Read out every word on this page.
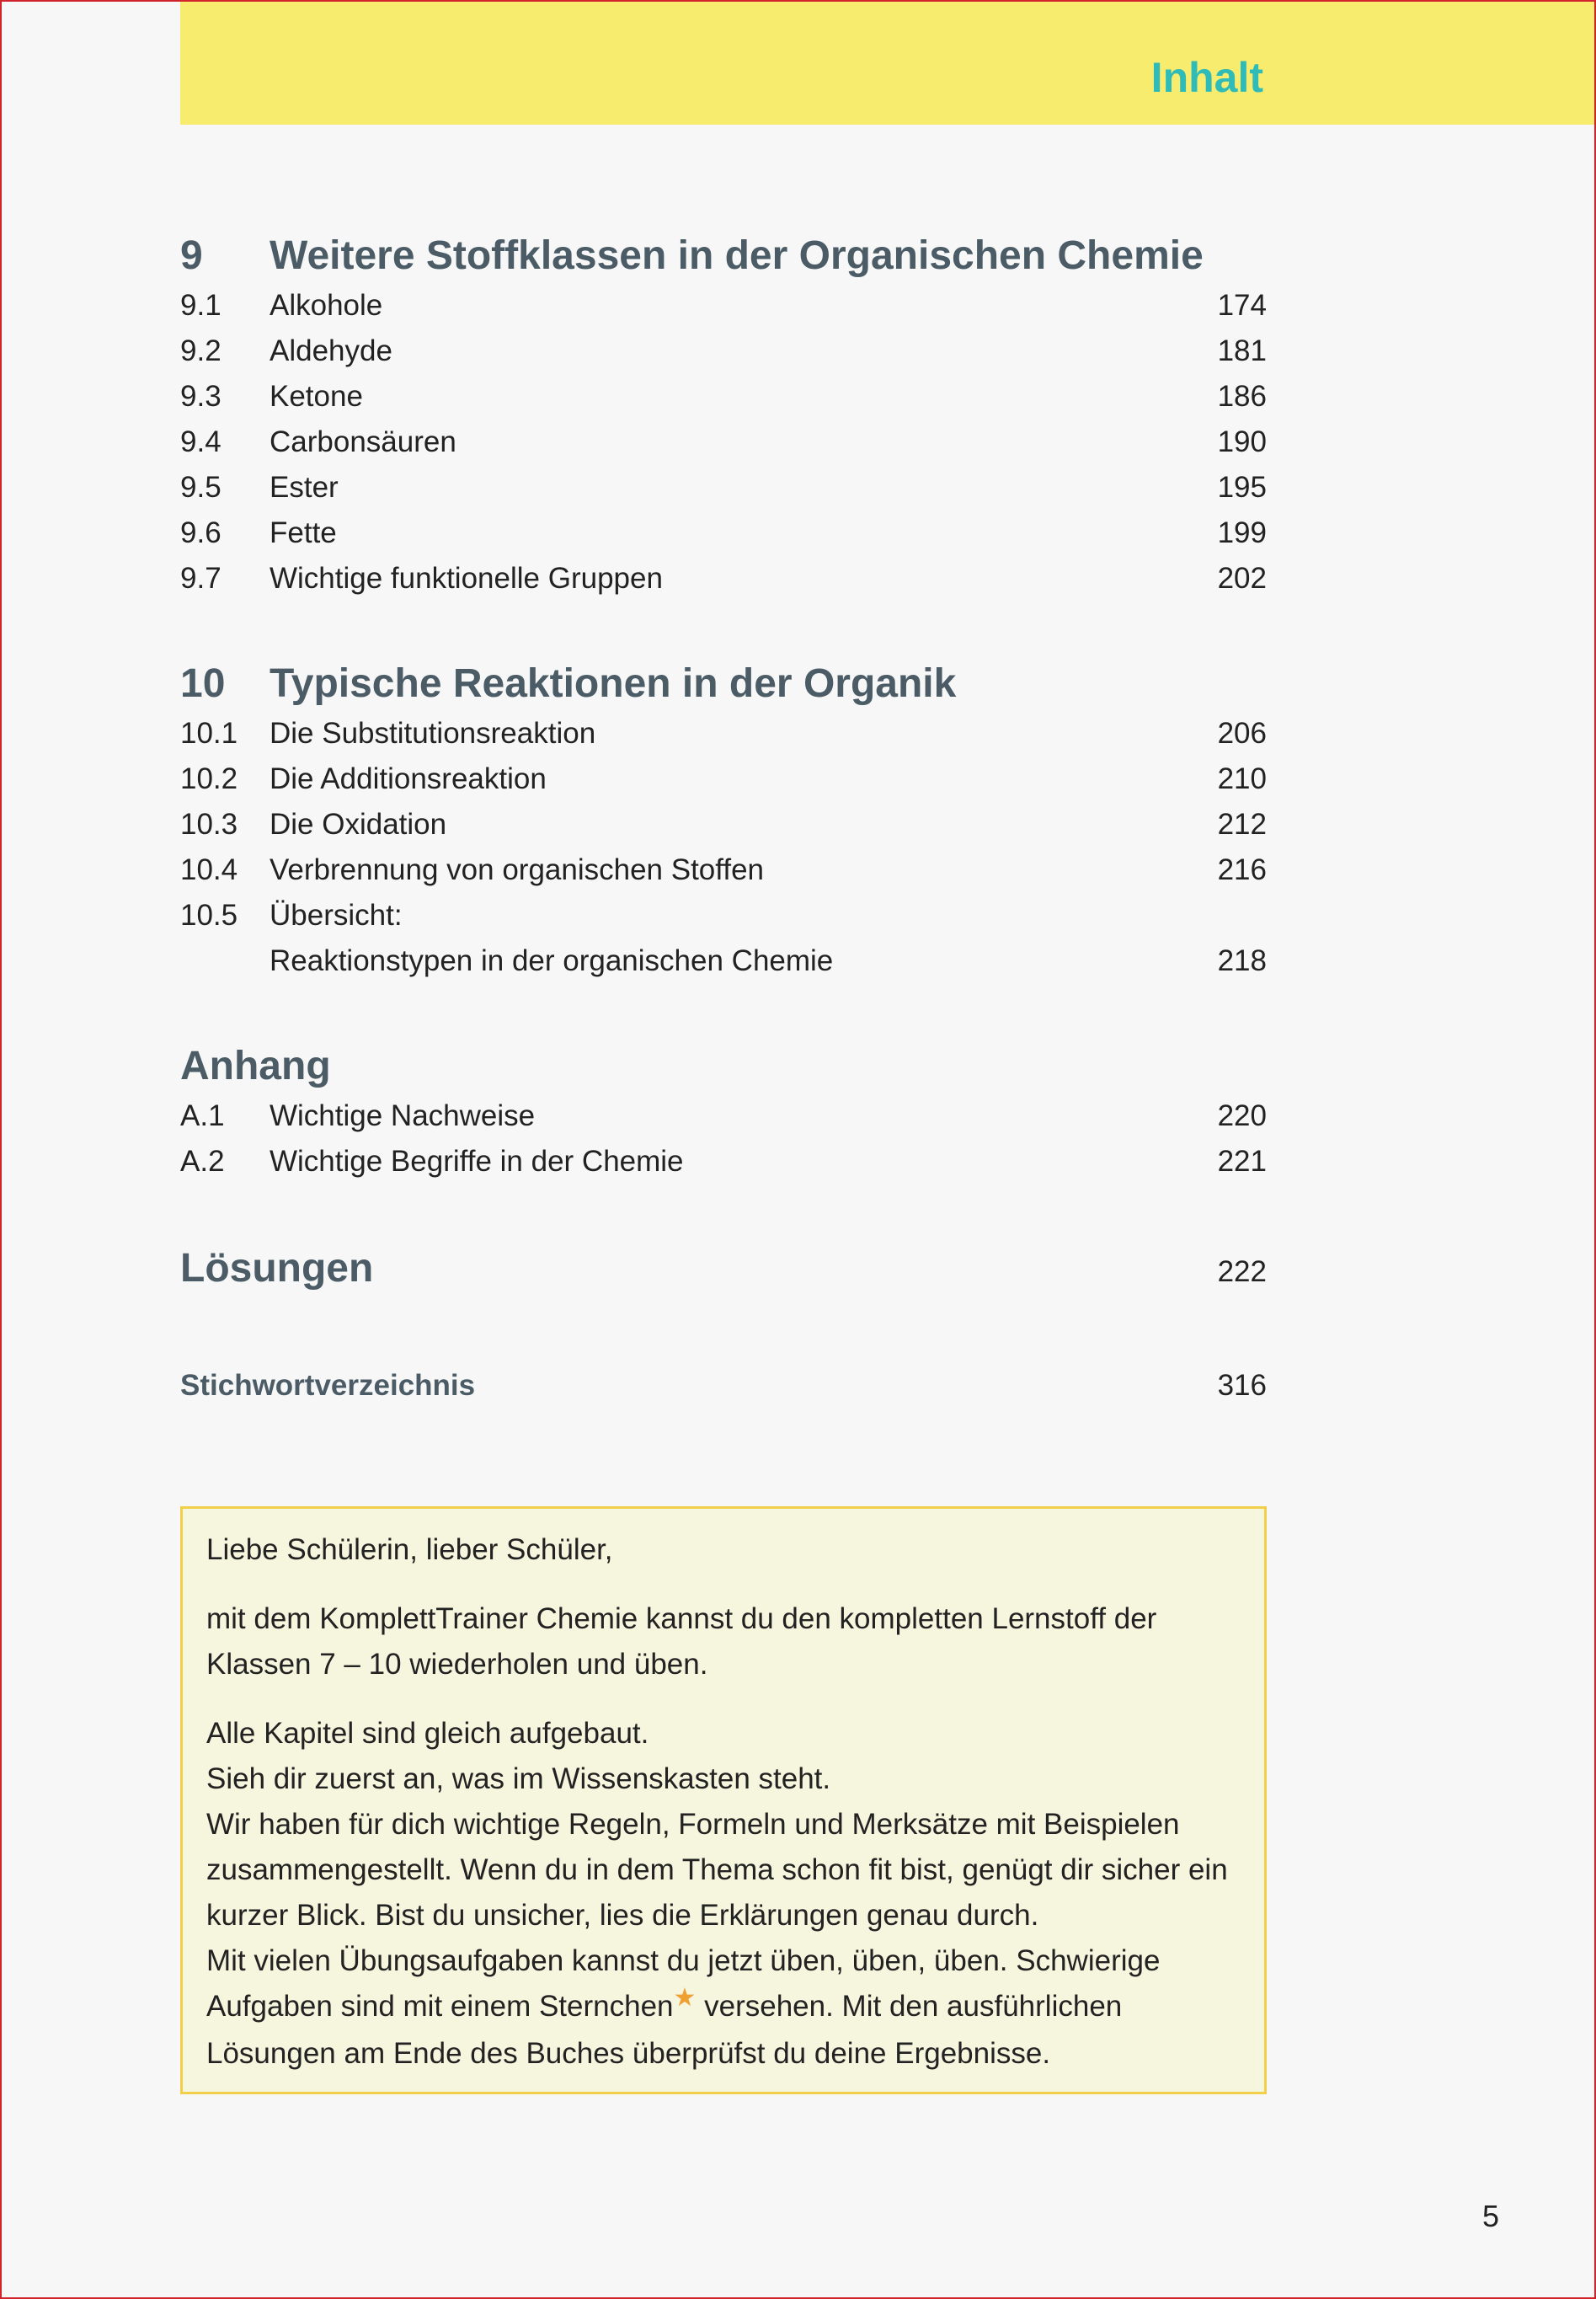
Inhalt
9	Weitere Stoffklassen in der Organischen Chemie
9.1	Alkohole	174
9.2	Aldehyde	181
9.3	Ketone	186
9.4	Carbonsäuren	190
9.5	Ester	195
9.6	Fette	199
9.7	Wichtige funktionelle Gruppen	202
10	Typische Reaktionen in der Organik
10.1	Die Substitutionsreaktion	206
10.2	Die Additionsreaktion	210
10.3	Die Oxidation	212
10.4	Verbrennung von organischen Stoffen	216
10.5	Übersicht:
Reaktionstypen in der organischen Chemie	218
Anhang
A.1	Wichtige Nachweise	220
A.2	Wichtige Begriffe in der Chemie	221
Lösungen	222
Stichwortverzeichnis	316

Liebe Schülerin, lieber Schüler,

mit dem KomplettTrainer Chemie kannst du den kompletten Lernstoff der Klassen 7 – 10 wiederholen und üben.

Alle Kapitel sind gleich aufgebaut.

Sieh dir zuerst an, was im Wissenskasten steht.

Wir haben für dich wichtige Regeln, Formeln und Merksätze mit Beispielen zusammengestellt. Wenn du in dem Thema schon fit bist, genügt dir sicher ein kurzer Blick. Bist du unsicher, lies die Erklärungen genau durch.

Mit vielen Übungsaufgaben kannst du jetzt üben, üben, üben. Schwierige Aufgaben sind mit einem Sternchen★ versehen. Mit den ausführlichen Lösungen am Ende des Buches überprüfst du deine Ergebnisse.

5
